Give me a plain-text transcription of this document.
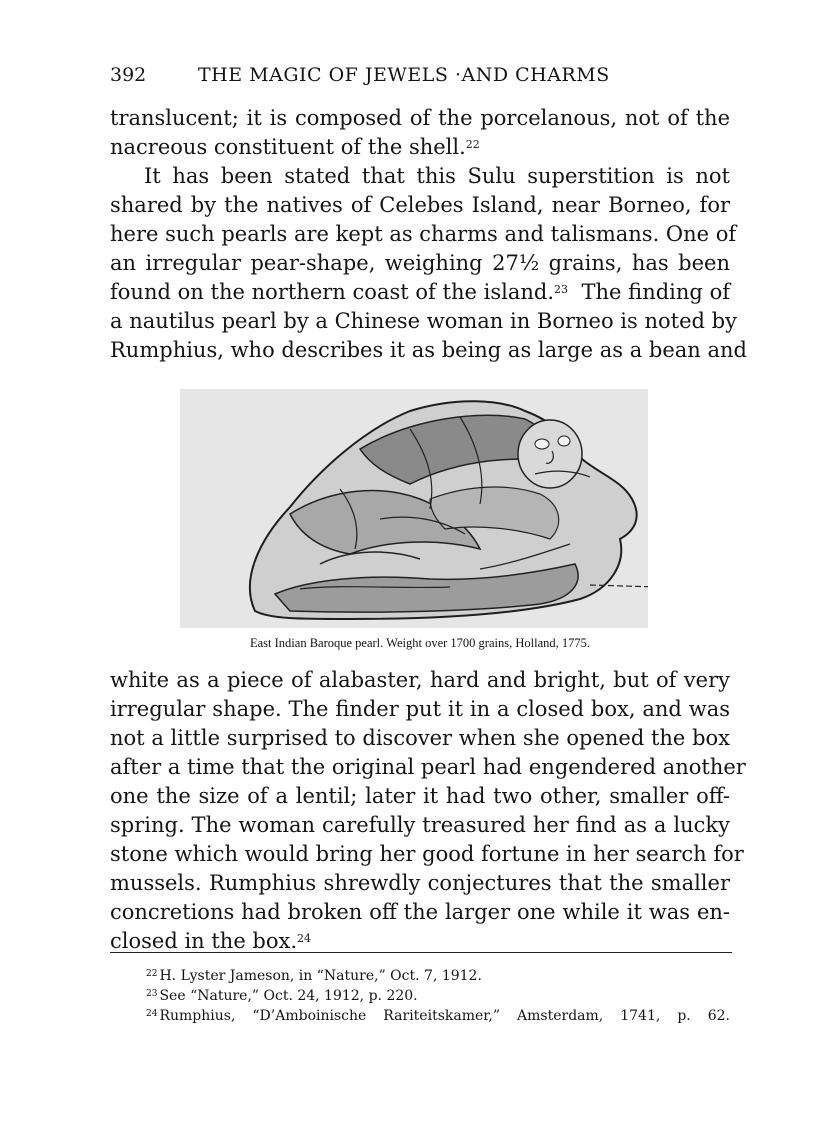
392	THE MAGIC OF JEWELS ·AND CHARMS
translucent; it is composed of the porcelanous, not of the
nacreous constituent of the shell.$^{22}$
It has been stated that this Sulu superstition is not
shared by the natives of Celebes Island, near Borneo, for
here such pearls are kept as charms and talismans. One of
an irregular pear-shape, weighing 27½ grains, has been
found on the northern coast of the island.$^{23}$ The finding of
a nautilus pearl by a Chinese woman in Borneo is noted by
Rumphius, who describes it as being as large as a bean and
East Indian Baroque pearl. Weight over 1700 grains, Holland, 1775.
white as a piece of alabaster, hard and bright, but of very
irregular shape. The finder put it in a closed box, and was
not a little surprised to discover when she opened the box
after a time that the original pearl had engendered another
one the size of a lentil; later it had two other, smaller off-
spring. The woman carefully treasured her find as a lucky
stone which would bring her good fortune in her search for
mussels. Rumphius shrewdly conjectures that the smaller
concretions had broken off the larger one while it was en-
closed in the box.$^{24}$
$^{22}$ H. Lyster Jameson, in “Nature,” Oct. 7, 1912.
$^{23}$ See “Nature,” Oct. 24, 1912, p. 220.
$^{24}$ Rumphius, “D’Amboinische Rariteitskamer,” Amsterdam, 1741, p. 62.
